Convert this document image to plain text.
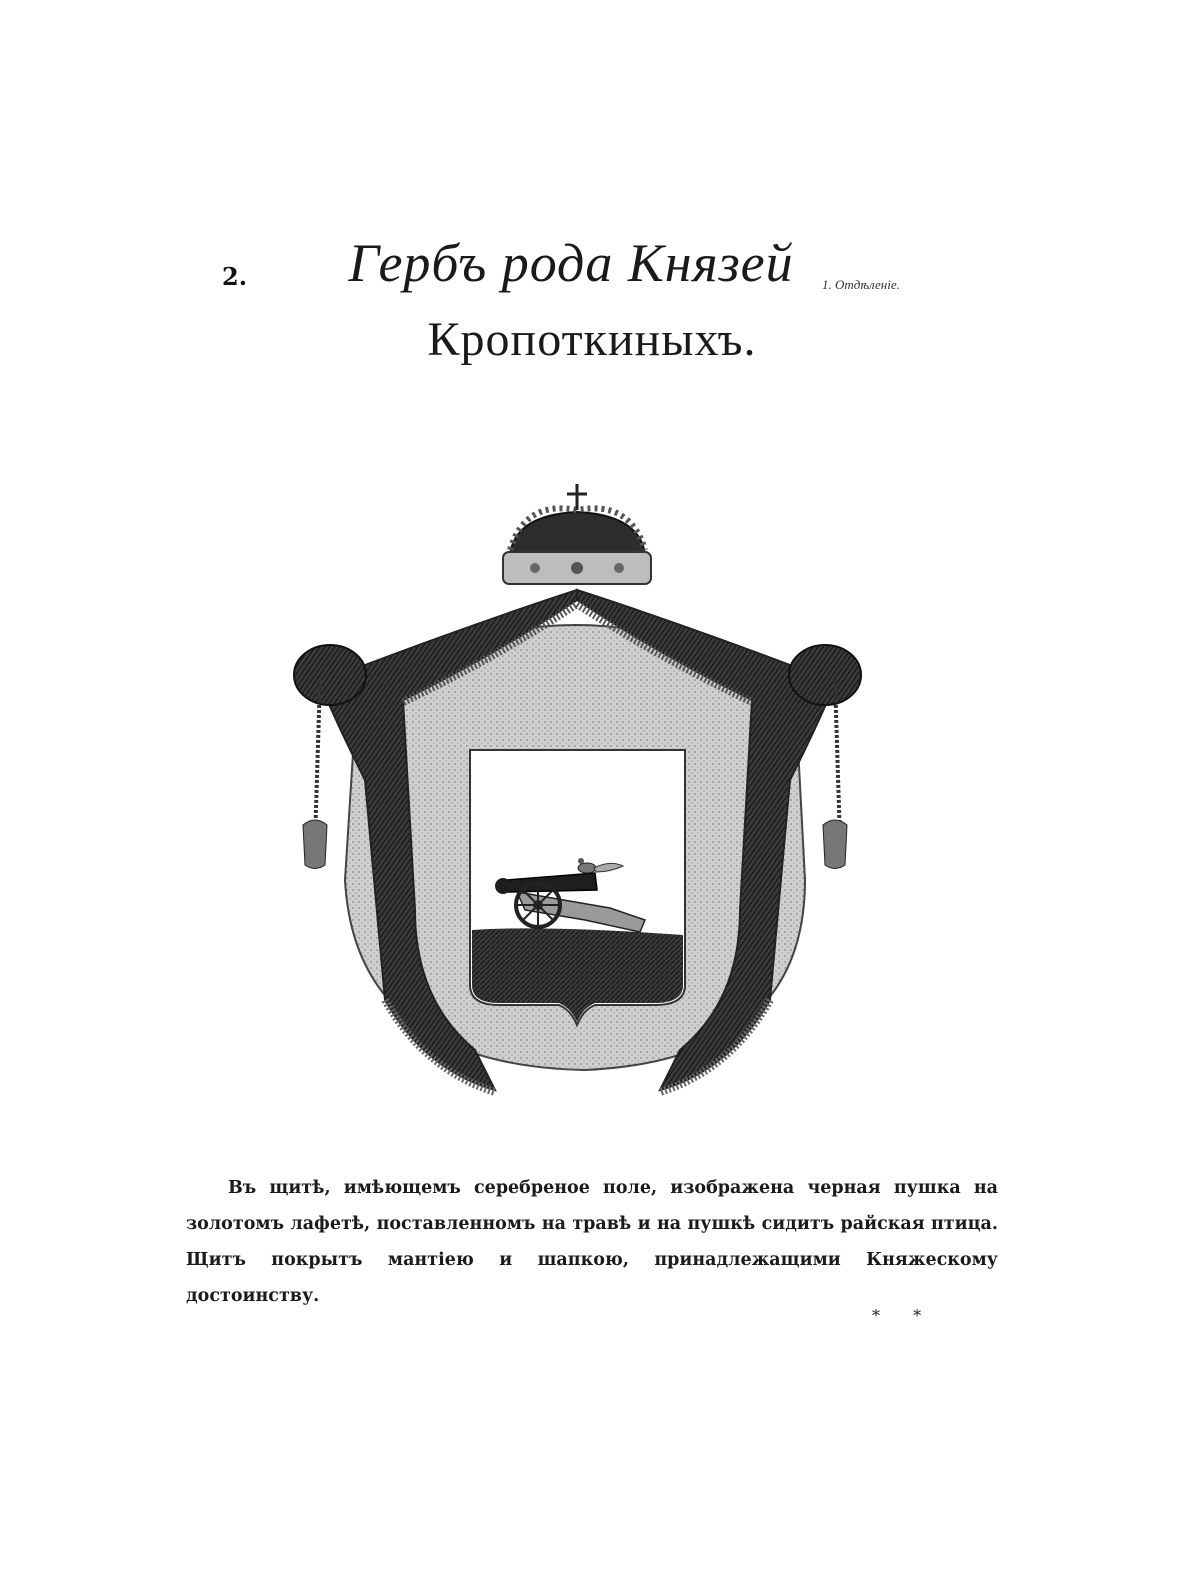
2. Гербъ рода Князей	1. Отдѣленіе.
Кропоткиныхъ.
Въ щитѣ, имѣющемъ серебреное поле, изображена черная пушка на золотомъ лафетѣ, поставленномъ на травѣ и на пушкѣ сидитъ райская птица. Щитъ покрытъ мантіею и шапкою, принадлежащими Княжескому достоинству.
* *
